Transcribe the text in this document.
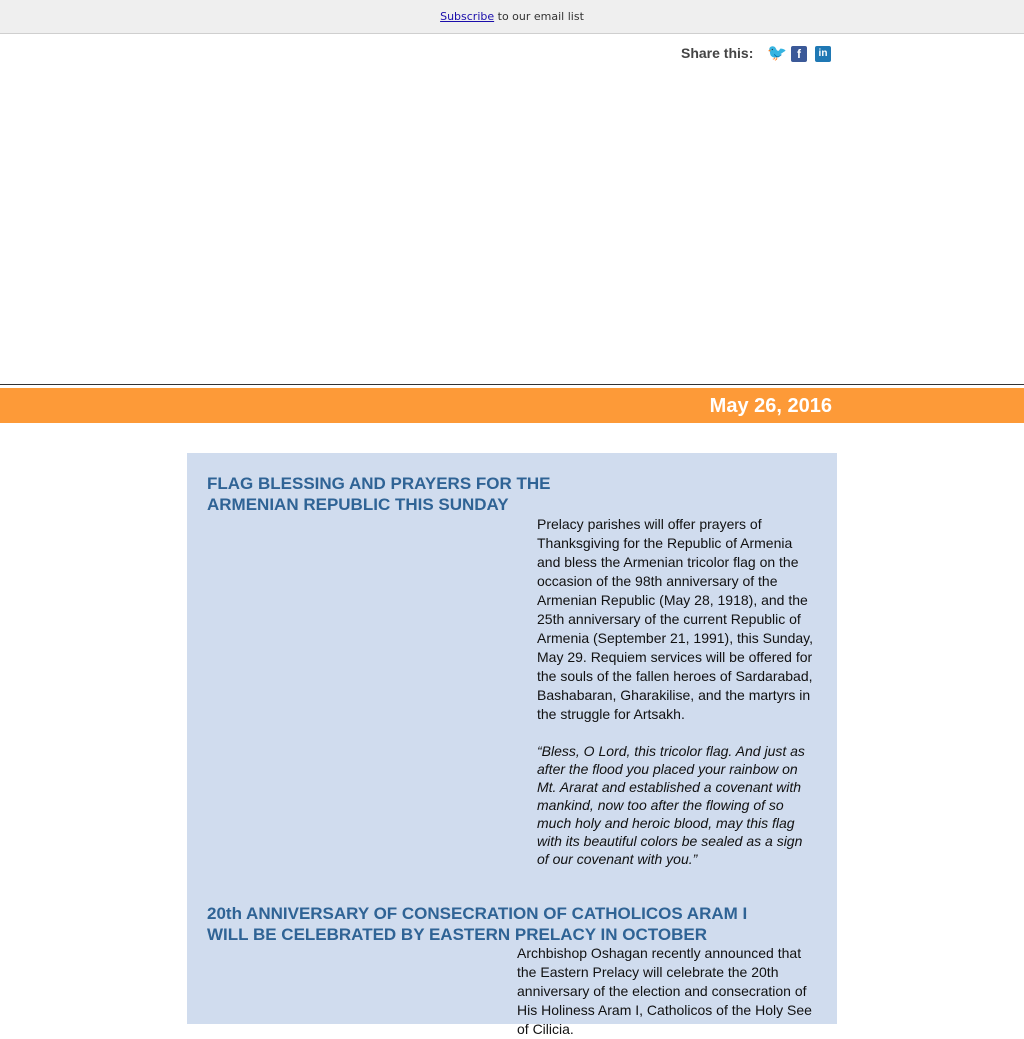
Subscribe to our email list
Share this: 🐦 f	in
May 26, 2016
FLAG BLESSING AND PRAYERS FOR THE
ARMENIAN REPUBLIC THIS SUNDAY
Prelacy parishes will offer prayers of Thanksgiving for the Republic of Armenia and bless the Armenian tricolor flag on the occasion of the 98th anniversary of the Armenian Republic (May 28, 1918), and the 25th anniversary of the current Republic of Armenia (September 21, 1991), this Sunday, May 29. Requiem services will be offered for the souls of the fallen heroes of Sardarabad, Bashabaran, Gharakilise, and the martyrs in the struggle for Artsakh.
“Bless, O Lord, this tricolor flag. And just as after the flood you placed your rainbow on Mt. Ararat and established a covenant with mankind, now too after the flowing of so much holy and heroic blood, may this flag with its beautiful colors be sealed as a sign of our covenant with you.”
20th ANNIVERSARY OF CONSECRATION OF CATHOLICOS ARAM I
WILL BE CELEBRATED BY EASTERN PRELACY IN OCTOBER
Archbishop Oshagan recently announced that the Eastern Prelacy will celebrate the 20th anniversary of the election and consecration of His Holiness Aram I, Catholicos of the Holy See of Cilicia.
